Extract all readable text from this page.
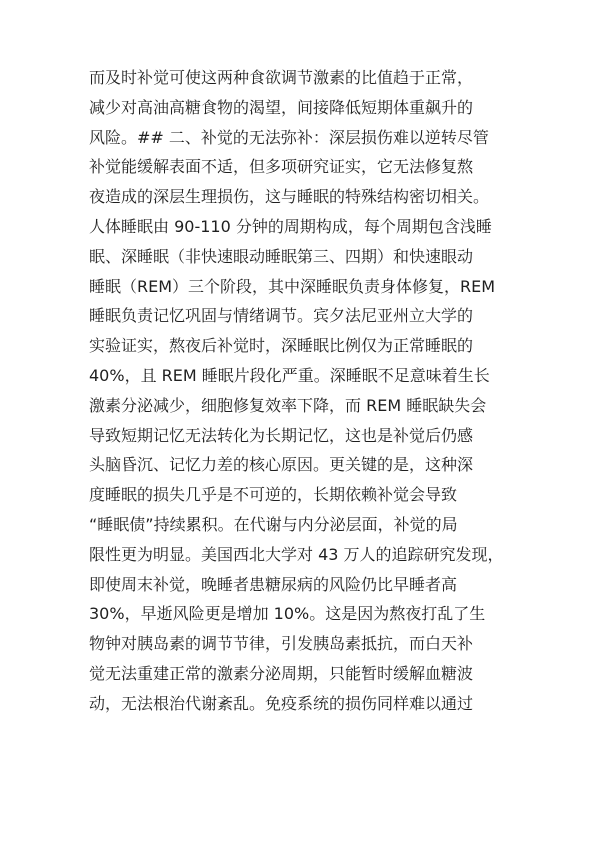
而及时补觉可使这两种食欲调节激素的比值趋于正常，
减少对高油高糖食物的渴望，间接降低短期体重飙升的
风险。## 二、补觉的无法弥补：深层损伤难以逆转尽管
补觉能缓解表面不适，但多项研究证实，它无法修复熬
夜造成的深层生理损伤，这与睡眠的特殊结构密切相关。
人体睡眠由 90-110 分钟的周期构成，每个周期包含浅睡
眠、深睡眠（非快速眼动睡眠第三、四期）和快速眼动
睡眠（REM）三个阶段，其中深睡眠负责身体修复，REM
睡眠负责记忆巩固与情绪调节。宾夕法尼亚州立大学的
实验证实，熬夜后补觉时，深睡眠比例仅为正常睡眠的
40%，且 REM 睡眠片段化严重。深睡眠不足意味着生长
激素分泌减少，细胞修复效率下降，而 REM 睡眠缺失会
导致短期记忆无法转化为长期记忆，这也是补觉后仍感
头脑昏沉、记忆力差的核心原因。更关键的是，这种深
度睡眠的损失几乎是不可逆的，长期依赖补觉会导致
“睡眠债”持续累积。在代谢与内分泌层面，补觉的局
限性更为明显。美国西北大学对 43 万人的追踪研究发现，
即使周末补觉，晚睡者患糖尿病的风险仍比早睡者高
30%，早逝风险更是增加 10%。这是因为熬夜打乱了生
物钟对胰岛素的调节节律，引发胰岛素抵抗，而白天补
觉无法重建正常的激素分泌周期，只能暂时缓解血糖波
动，无法根治代谢紊乱。免疫系统的损伤同样难以通过
